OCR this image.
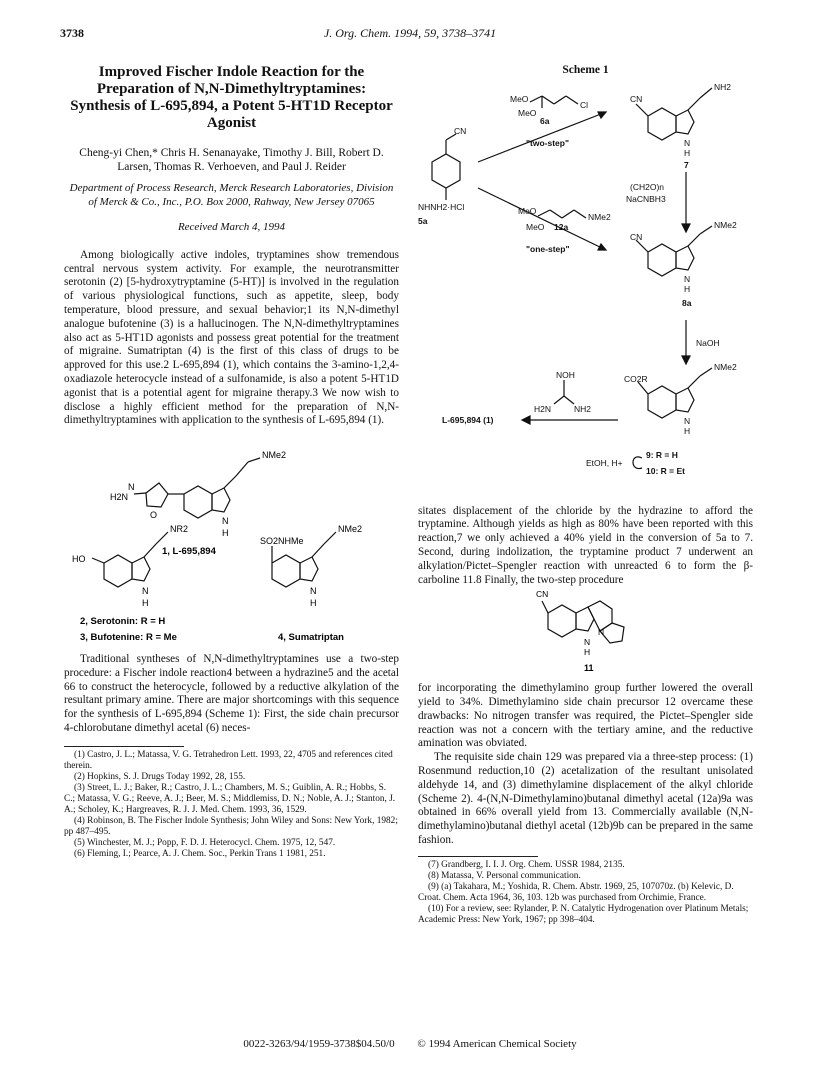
3738	J. Org. Chem. 1994, 59, 3738–3741
Improved Fischer Indole Reaction for the Preparation of N,N-Dimethyltryptamines: Synthesis of L-695,894, a Potent 5-HT1D Receptor Agonist
Cheng-yi Chen,* Chris H. Senanayake, Timothy J. Bill, Robert D. Larsen, Thomas R. Verhoeven, and Paul J. Reider
Department of Process Research, Merck Research Laboratories, Division of Merck & Co., Inc., P.O. Box 2000, Rahway, New Jersey 07065
Received March 4, 1994

Among biologically active indoles, tryptamines show tremendous central nervous system activity. For example, the neurotransmitter serotonin (2) [5-hydroxytryptamine (5-HT)] is involved in the regulation of various physiological functions, such as appetite, sleep, body temperature, blood pressure, and sexual behavior;1 its N,N-dimethyl analogue bufotenine (3) is a hallucinogen. The N,N-dimethyltryptamines also act as 5-HT1D agonists and possess great potential for the treatment of migraine. Sumatriptan (4) is the first of this class of drugs to be approved for this use.2 L-695,894 (1), which contains the 3-amino-1,2,4-oxadiazole heterocycle instead of a sulfonamide, is also a potent 5-HT1D agonist that is a potential agent for migraine therapy.3 We now wish to disclose a highly efficient method for the preparation of N,N-dimethyltryptamines with application to the synthesis of L-695,894 (1).

NMe2
N
O
H2N
N
H
1, L-695,894
NR2
HO
N
H
NMe2
SO2NHMe
N
H
2, Serotonin: R = H
3, Bufotenine: R = Me	4, Sumatriptan

Traditional syntheses of N,N-dimethyltryptamines use a two-step procedure: a Fischer indole reaction4 between a hydrazine5 and the acetal 66 to construct the heterocycle, followed by a reductive alkylation of the resultant primary amine. There are major shortcomings with this sequence for the synthesis of L-695,894 (Scheme 1): First, the side chain precursor 4-chlorobutane dimethyl acetal (6) neces-

(1) Castro, J. L.; Matassa, V. G. Tetrahedron Lett. 1993, 22, 4705 and references cited therein.
(2) Hopkins, S. J. Drugs Today 1992, 28, 155.
(3) Street, L. J.; Baker, R.; Castro, J. L.; Chambers, M. S.; Guiblin, A. R.; Hobbs, S. C.; Matassa, V. G.; Reeve, A. J.; Beer, M. S.; Middlemiss, D. N.; Noble, A. J.; Stanton, J. A.; Scholey, K.; Hargreaves, R. J. J. Med. Chem. 1993, 36, 1529.
(4) Robinson, B. The Fischer Indole Synthesis; John Wiley and Sons: New York, 1982; pp 487–495.
(5) Winchester, M. J.; Popp, F. D. J. Heterocycl. Chem. 1975, 12, 547.
(6) Fleming, I.; Pearce, A. J. Chem. Soc., Perkin Trans 1 1981, 251.
Scheme 1
MeO
MeO
Cl
6a
CN
NHNH2·HCl
5a
"two-step"
MeO
MeO
NMe2
12a
"one-step"
CN
NH2
N
H
7
(CH2O)n
NaCNBH3
CN
NMe2
N
H
8a
NaOH
NOH
H2N	NH2
CO2R
NMe2
N
H
L-695,894 (1)
EtOH, H+
9: R = H
10: R = Et

sitates displacement of the chloride by the hydrazine to afford the tryptamine. Although yields as high as 80% have been reported with this reaction,7 we only achieved a 40% yield in the conversion of 5a to 7. Second, during indolization, the tryptamine product 7 underwent an alkylation/Pictet–Spengler reaction with unreacted 6 to form the β-carboline 11.8 Finally, the two-step procedure

CN
N
H
N
11

for incorporating the dimethylamino group further lowered the overall yield to 34%. Dimethylamino side chain precursor 12 overcame these drawbacks: No nitrogen transfer was required, the Pictet–Spengler side reaction was not a concern with the tertiary amine, and the reductive amination was obviated.

The requisite side chain 129 was prepared via a three-step process: (1) Rosenmund reduction,10 (2) acetalization of the resultant unisolated aldehyde 14, and (3) dimethylamine displacement of the alkyl chloride (Scheme 2). 4-(N,N-Dimethylamino)butanal dimethyl acetal (12a)9a was obtained in 66% overall yield from 13. Commercially available (N,N-dimethylamino)butanal diethyl acetal (12b)9b can be prepared in the same fashion.

(7) Grandberg, I. I. J. Org. Chem. USSR 1984, 2135.
(8) Matassa, V. Personal communication.
(9) (a) Takahara, M.; Yoshida, R. Chem. Abstr. 1969, 25, 107070z. (b) Kelevic, D. Croat. Chem. Acta 1964, 36, 103. 12b was purchased from Orchimie, France.
(10) For a review, see: Rylander, P. N. Catalytic Hydrogenation over Platinum Metals; Academic Press: New York, 1967; pp 398–404.
0022-3263/94/1959-3738$04.50/0 © 1994 American Chemical Society
